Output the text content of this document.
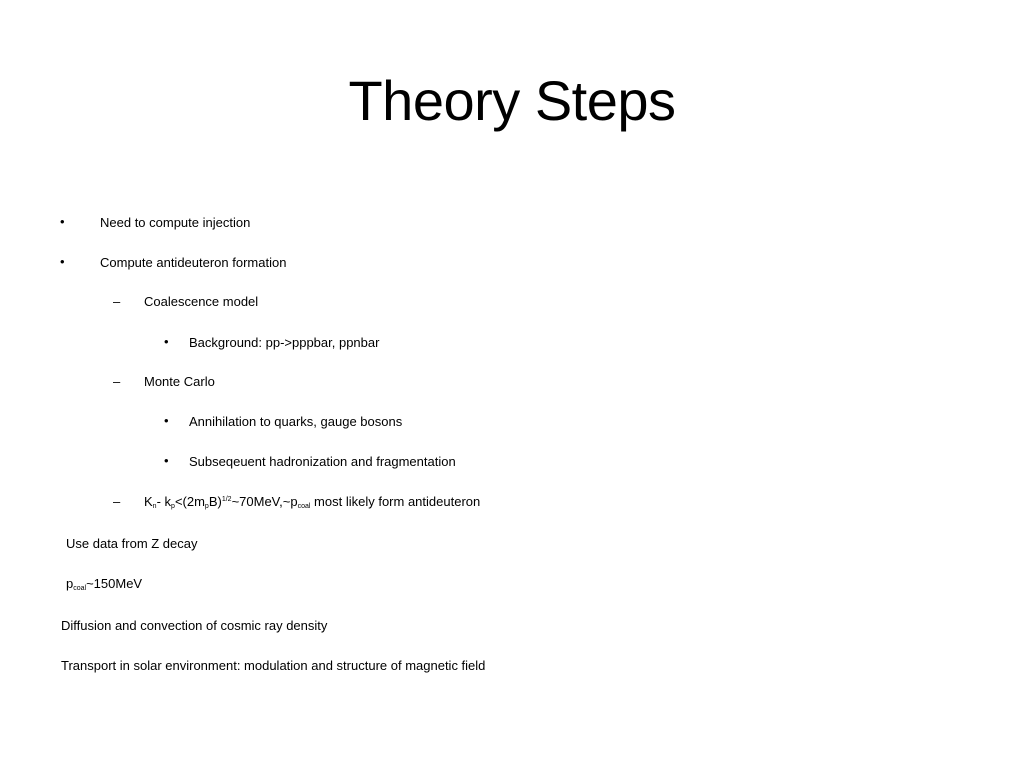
Theory Steps
•	Need to compute injection
•	Compute antideuteron formation
– Coalescence model
• Background: pp->pppbar, ppnbar
– Monte Carlo
• Annihilation to quarks, gauge bosons
• Subseqeuent hadronization and fragmentation
– $K_n-$ $k_p<(2m_pB)^{1/2}\sim 70MeV,\sim p_{coal}$ most likely form antideuteron
Use data from Z decay
$p_{coal}\sim 150MeV$
Diffusion and convection of cosmic ray density
Transport in solar environment: modulation and structure of magnetic field
